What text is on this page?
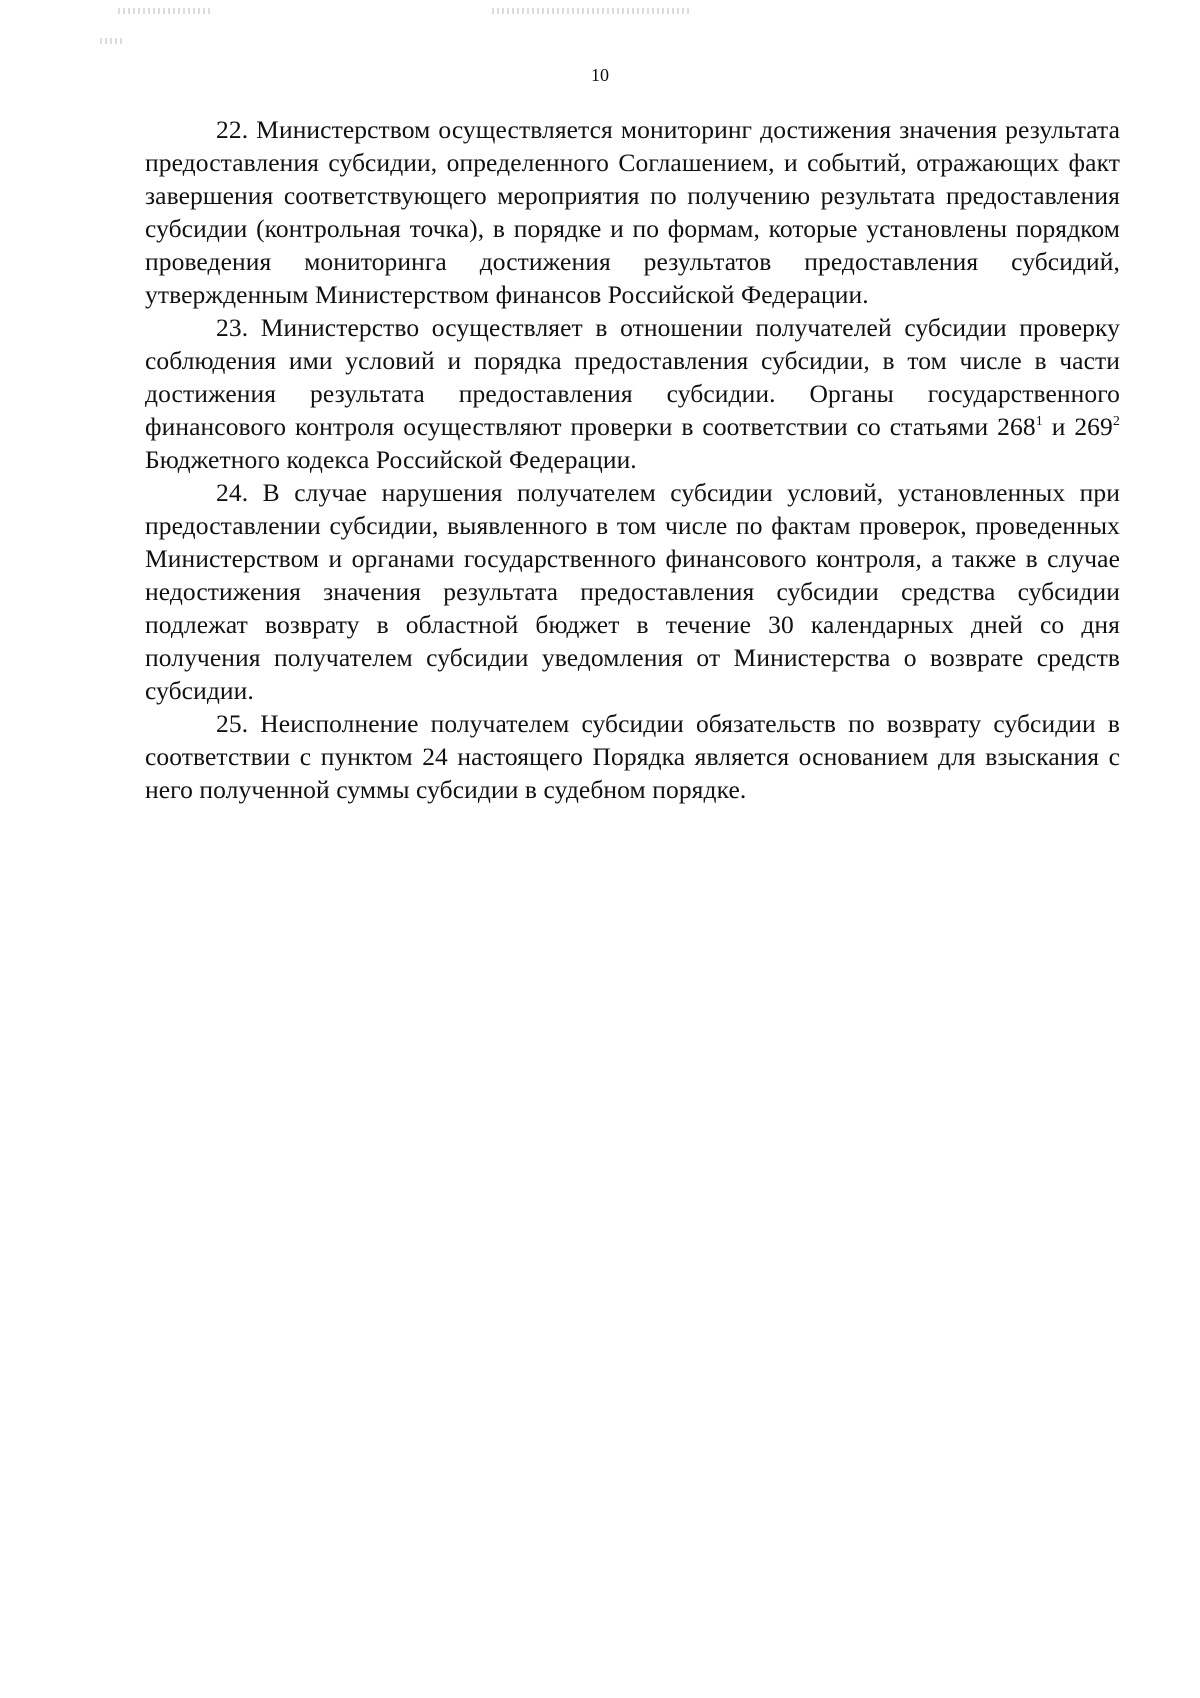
10

22. Министерством осуществляется мониторинг достижения значения результата предоставления субсидии, определенного Соглашением, и событий, отражающих факт завершения соответствующего мероприятия по получению результата предоставления субсидии (контрольная точка), в порядке и по формам, которые установлены порядком проведения мониторинга достижения результатов предоставления субсидий, утвержденным Министерством финансов Российской Федерации.

23. Министерство осуществляет в отношении получателей субсидии проверку соблюдения ими условий и порядка предоставления субсидии, в том числе в части достижения результата предоставления субсидии. Органы государственного финансового контроля осуществляют проверки в соответствии со статьями $268^1$ и $269^2$ Бюджетного кодекса Российской Федерации.

24. В случае нарушения получателем субсидии условий, установленных при предоставлении субсидии, выявленного в том числе по фактам проверок, проведенных Министерством и органами государственного финансового контроля, а также в случае недостижения значения результата предоставления субсидии средства субсидии подлежат возврату в областной бюджет в течение 30 календарных дней со дня получения получателем субсидии уведомления от Министерства о возврате средств субсидии.

25. Неисполнение получателем субсидии обязательств по возврату субсидии в соответствии с пунктом 24 настоящего Порядка является основанием для взыскания с него полученной суммы субсидии в судебном порядке.
